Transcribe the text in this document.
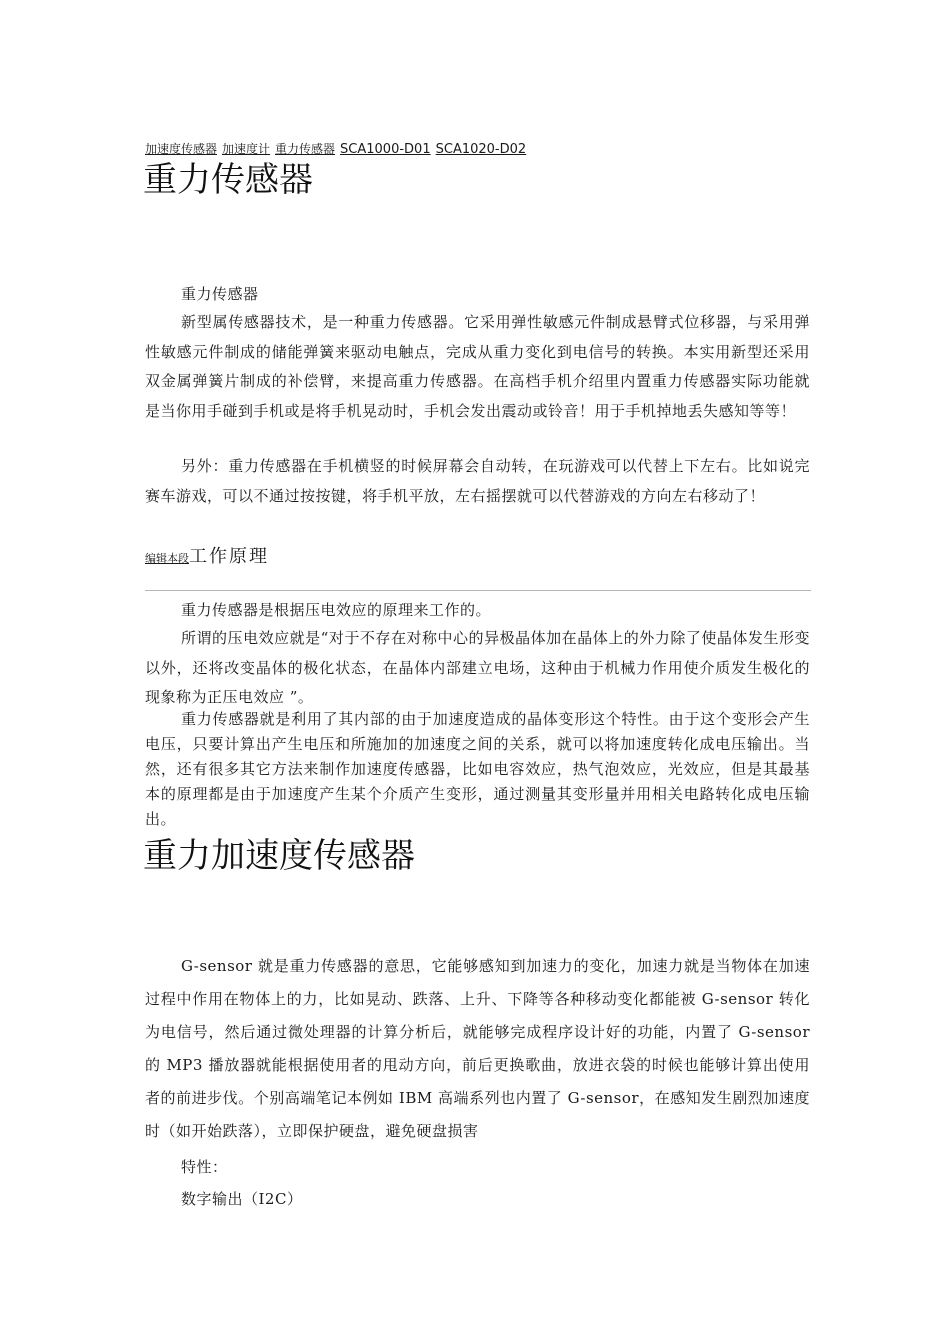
加速度传感器 加速度计 重力传感器 SCA1000-D01 SCA1020-D02
重力传感器

重力传感器

新型属传感器技术，是一种重力传感器。它采用弹性敏感元件制成悬臂式位移器，与采用弹性敏感元件制成的储能弹簧来驱动电触点，完成从重力变化到电信号的转换。本实用新型还采用双金属弹簧片制成的补偿臂，来提高重力传感器。在高档手机介绍里内置重力传感器实际功能就是当你用手碰到手机或是将手机晃动时，手机会发出震动或铃音！用于手机掉地丢失感知等等！

另外：重力传感器在手机横竖的时候屏幕会自动转，在玩游戏可以代替上下左右。比如说完赛车游戏，可以不通过按按键，将手机平放，左右摇摆就可以代替游戏的方向左右移动了！

编辑本段工作原理

重力传感器是根据压电效应的原理来工作的。

所谓的压电效应就是“对于不存在对称中心的异极晶体加在晶体上的外力除了使晶体发生形变以外，还将改变晶体的极化状态，在晶体内部建立电场，这种由于机械力作用使介质发生极化的现象称为正压电效应 ”。

重力传感器就是利用了其内部的由于加速度造成的晶体变形这个特性。由于这个变形会产生电压，只要计算出产生电压和所施加的加速度之间的关系，就可以将加速度转化成电压输出。当然，还有很多其它方法来制作加速度传感器，比如电容效应，热气泡效应，光效应，但是其最基本的原理都是由于加速度产生某个介质产生变形，通过测量其变形量并用相关电路转化成电压输出。

重力加速度传感器

G-sensor 就是重力传感器的意思，它能够感知到加速力的变化，加速力就是当物体在加速过程中作用在物体上的力，比如晃动、跌落、上升、下降等各种移动变化都能被 G-sensor 转化为电信号，然后通过微处理器的计算分析后，就能够完成程序设计好的功能，内置了 G-sensor 的 MP3 播放器就能根据使用者的甩动方向，前后更换歌曲，放进衣袋的时候也能够计算出使用者的前进步伐。个别高端笔记本例如 IBM 高端系列也内置了 G-sensor，在感知发生剧烈加速度时（如开始跌落），立即保护硬盘，避免硬盘损害

特性：

数字输出（I2C）
